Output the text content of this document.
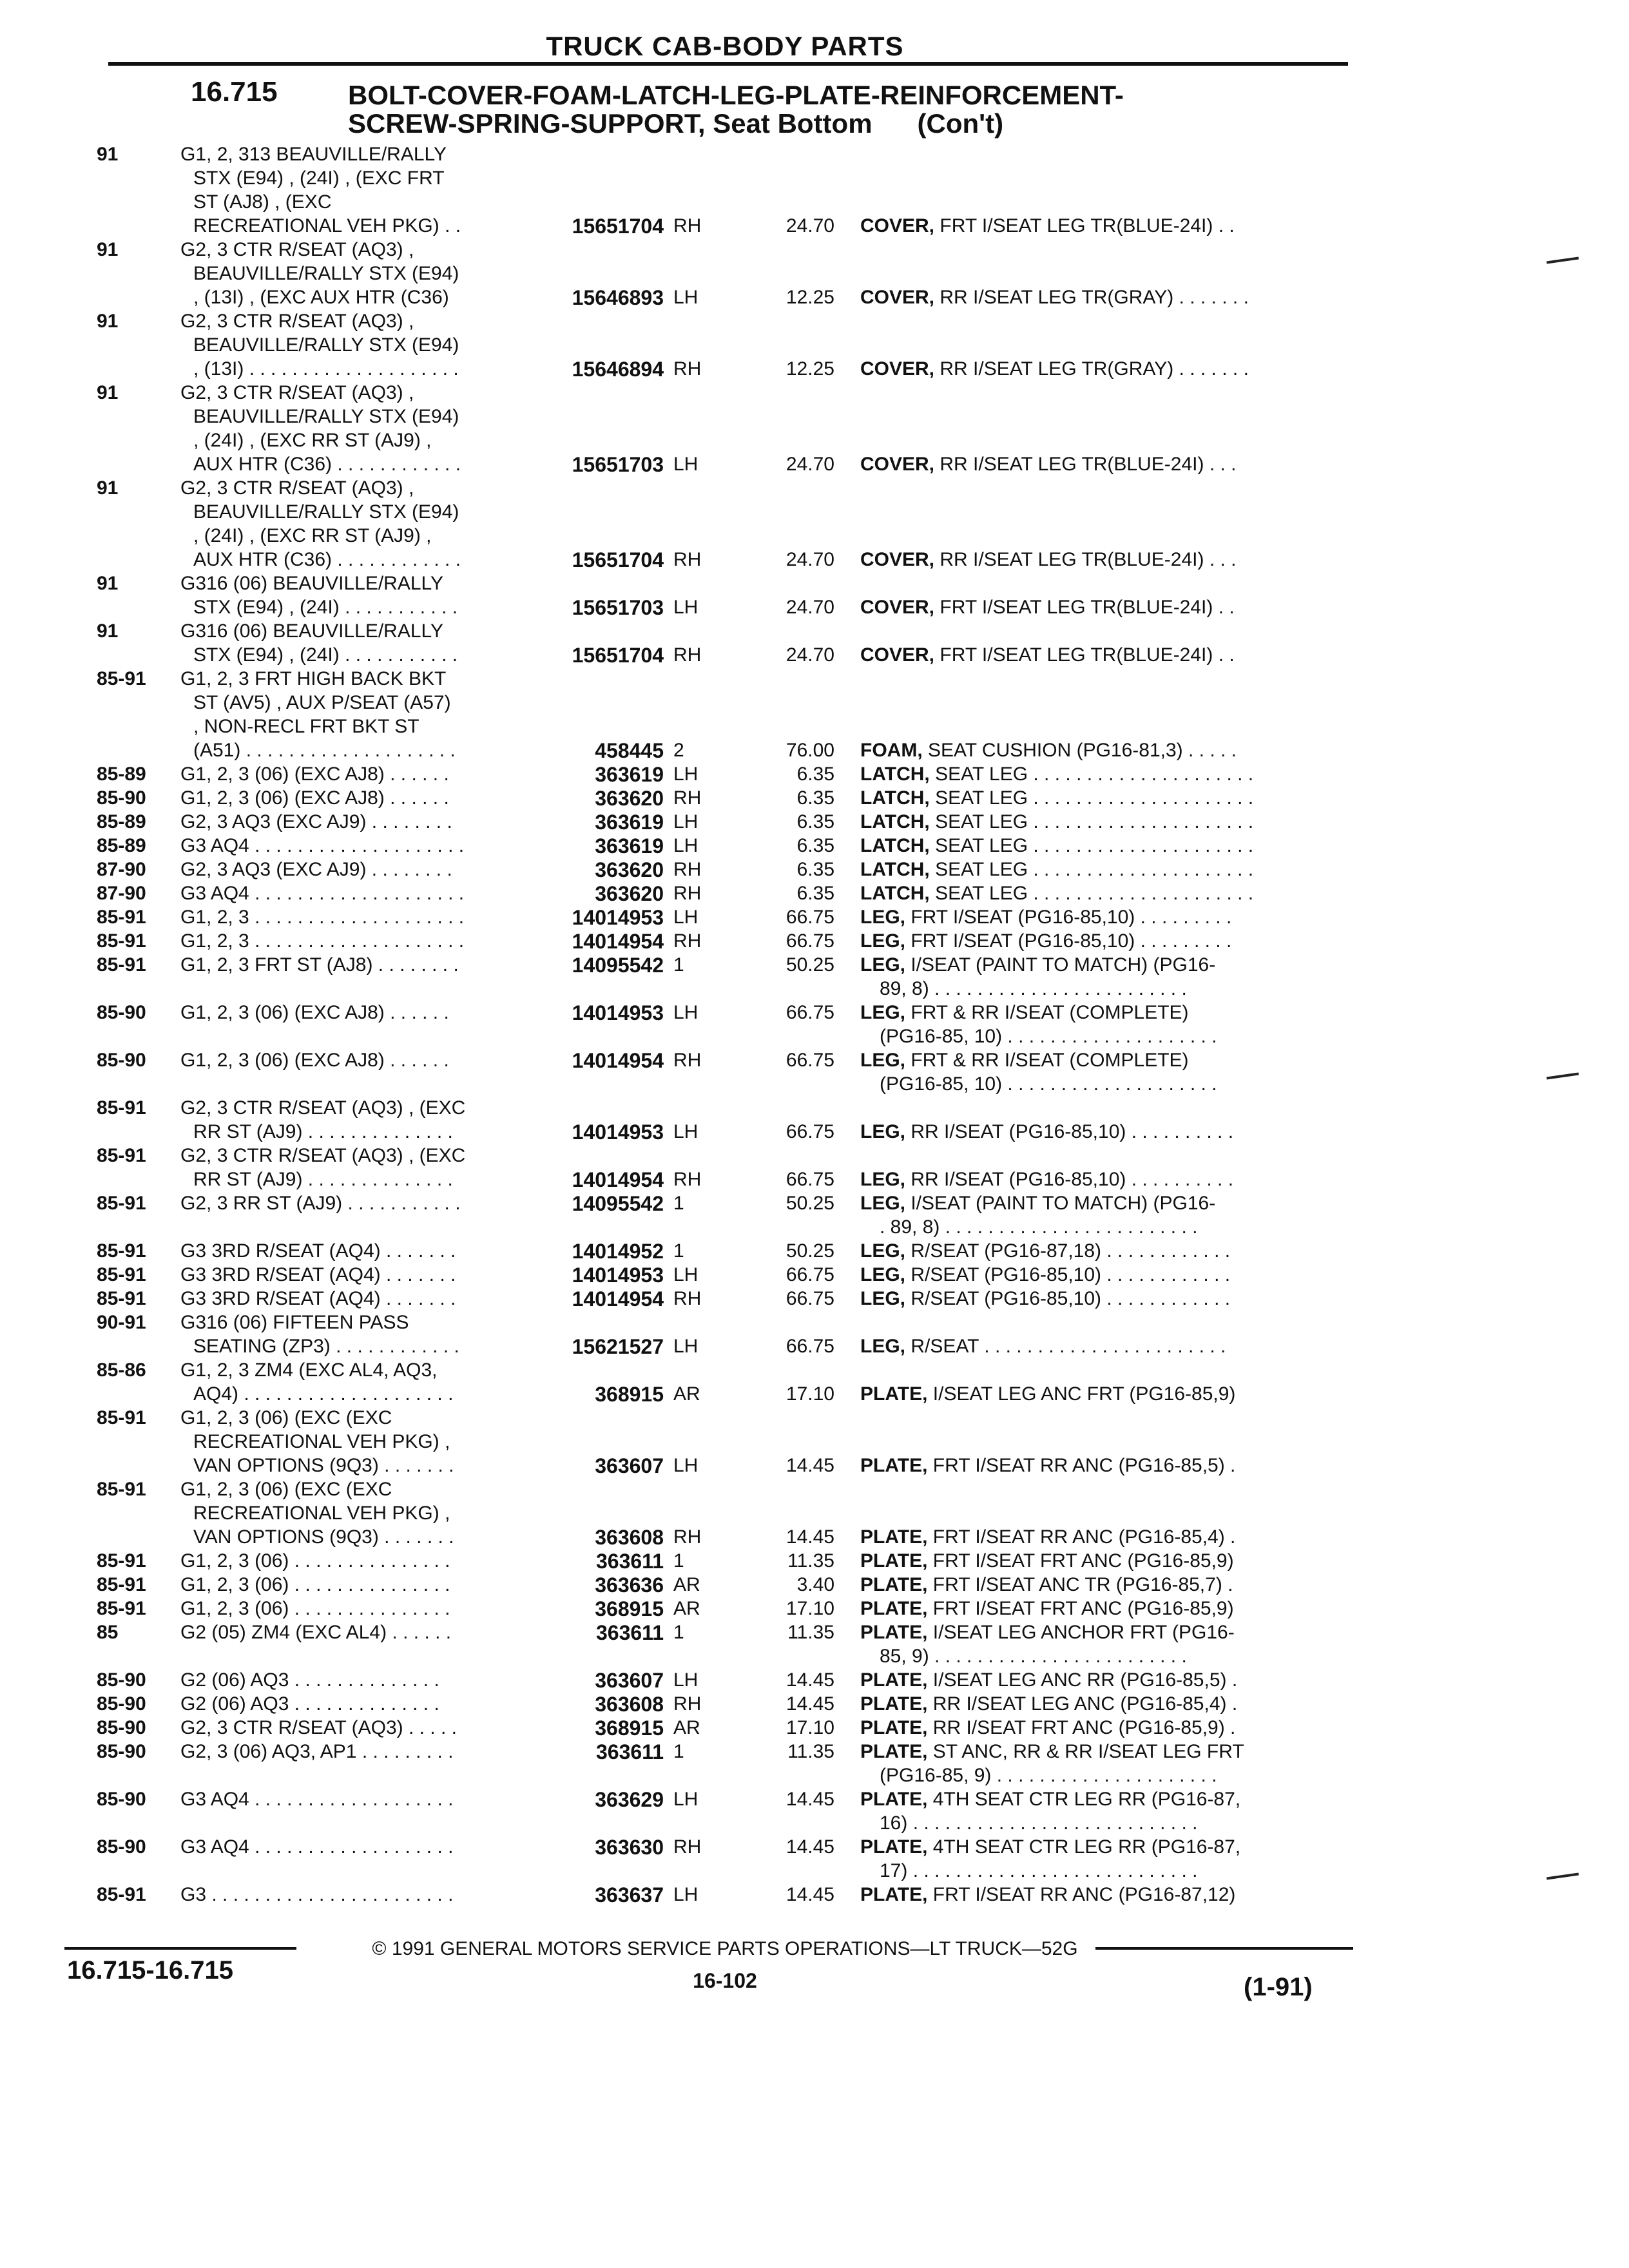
TRUCK CAB-BODY PARTS
16.715	BOLT-COVER-FOAM-LATCH-LEG-PLATE-REINFORCEMENT-
SCREW-SPRING-SUPPORT, Seat Bottom (Con't)
91	G1, 2, 313 BEAUVILLE/RALLY
STX (E94) , (24I) , (EXC FRT
ST (AJ8) , (EXC
RECREATIONAL VEH PKG) . .	15651704 RH	24.70 COVER, FRT I/SEAT LEG TR(BLUE-24I) . .
91	G2, 3 CTR R/SEAT (AQ3) ,
BEAUVILLE/RALLY STX (E94)
, (13I) , (EXC AUX HTR (C36)	15646893 LH	12.25 COVER, RR I/SEAT LEG TR(GRAY) . . . . . . .
91	G2, 3 CTR R/SEAT (AQ3) ,
BEAUVILLE/RALLY STX (E94)
, (13I) . . . . . . . . . . . . . . . . . . . .	15646894 RH	12.25 COVER, RR I/SEAT LEG TR(GRAY) . . . . . . .
91	G2, 3 CTR R/SEAT (AQ3) ,
BEAUVILLE/RALLY STX (E94)
, (24I) , (EXC RR ST (AJ9) ,
AUX HTR (C36) . . . . . . . . . . . .	15651703 LH	24.70 COVER, RR I/SEAT LEG TR(BLUE-24I) . . .
91	G2, 3 CTR R/SEAT (AQ3) ,
BEAUVILLE/RALLY STX (E94)
, (24I) , (EXC RR ST (AJ9) ,
AUX HTR (C36) . . . . . . . . . . . .	15651704 RH	24.70 COVER, RR I/SEAT LEG TR(BLUE-24I) . . .
91	G316 (06) BEAUVILLE/RALLY
STX (E94) , (24I) . . . . . . . . . . .	15651703 LH	24.70 COVER, FRT I/SEAT LEG TR(BLUE-24I) . .
91	G316 (06) BEAUVILLE/RALLY
STX (E94) , (24I) . . . . . . . . . . .	15651704 RH	24.70 COVER, FRT I/SEAT LEG TR(BLUE-24I) . .
85-91	G1, 2, 3 FRT HIGH BACK BKT
ST (AV5) , AUX P/SEAT (A57)
, NON-RECL FRT BKT ST
(A51) . . . . . . . . . . . . . . . . . . . .	458445 2	76.00 FOAM, SEAT CUSHION (PG16-81,3) . . . . .
85-89	G1, 2, 3 (06) (EXC AJ8) . . . . . .	363619 LH	6.35 LATCH, SEAT LEG . . . . . . . . . . . . . . . . . . . . .
85-90	G1, 2, 3 (06) (EXC AJ8) . . . . . .	363620 RH	6.35 LATCH, SEAT LEG . . . . . . . . . . . . . . . . . . . . .
85-89	G2, 3 AQ3 (EXC AJ9) . . . . . . . .	363619 LH	6.35 LATCH, SEAT LEG . . . . . . . . . . . . . . . . . . . . .
85-89	G3 AQ4 . . . . . . . . . . . . . . . . . . . .	363619 LH	6.35 LATCH, SEAT LEG . . . . . . . . . . . . . . . . . . . . .
87-90	G2, 3 AQ3 (EXC AJ9) . . . . . . . .	363620 RH	6.35 LATCH, SEAT LEG . . . . . . . . . . . . . . . . . . . . .
87-90	G3 AQ4 . . . . . . . . . . . . . . . . . . . .	363620 RH	6.35 LATCH, SEAT LEG . . . . . . . . . . . . . . . . . . . . .
85-91	G1, 2, 3 . . . . . . . . . . . . . . . . . . . .	14014953 LH	66.75 LEG, FRT I/SEAT (PG16-85,10) . . . . . . . . .
85-91	G1, 2, 3 . . . . . . . . . . . . . . . . . . . .	14014954 RH	66.75 LEG, FRT I/SEAT (PG16-85,10) . . . . . . . . .
85-91	G1, 2, 3 FRT ST (AJ8) . . . . . . . .	14095542 1	50.25 LEG, I/SEAT (PAINT TO MATCH) (PG16-
89, 8) . . . . . . . . . . . . . . . . . . . . . . . .
85-90	G1, 2, 3 (06) (EXC AJ8) . . . . . .	14014953 LH	66.75 LEG, FRT & RR I/SEAT (COMPLETE)
(PG16-85, 10) . . . . . . . . . . . . . . . . . . . .
85-90	G1, 2, 3 (06) (EXC AJ8) . . . . . .	14014954 RH	66.75 LEG, FRT & RR I/SEAT (COMPLETE)
(PG16-85, 10) . . . . . . . . . . . . . . . . . . . .
85-91	G2, 3 CTR R/SEAT (AQ3) , (EXC
RR ST (AJ9) . . . . . . . . . . . . . .	14014953 LH	66.75 LEG, RR I/SEAT (PG16-85,10) . . . . . . . . . .
85-91	G2, 3 CTR R/SEAT (AQ3) , (EXC
RR ST (AJ9) . . . . . . . . . . . . . .	14014954 RH	66.75 LEG, RR I/SEAT (PG16-85,10) . . . . . . . . . .
85-91	G2, 3 RR ST (AJ9) . . . . . . . . . . .	14095542 1	50.25 LEG, I/SEAT (PAINT TO MATCH) (PG16-
. 89, 8) . . . . . . . . . . . . . . . . . . . . . . . .
85-91	G3 3RD R/SEAT (AQ4) . . . . . . .	14014952 1	50.25 LEG, R/SEAT (PG16-87,18) . . . . . . . . . . . .
85-91	G3 3RD R/SEAT (AQ4) . . . . . . .	14014953 LH	66.75 LEG, R/SEAT (PG16-85,10) . . . . . . . . . . . .
85-91	G3 3RD R/SEAT (AQ4) . . . . . . .	14014954 RH	66.75 LEG, R/SEAT (PG16-85,10) . . . . . . . . . . . .
90-91	G316 (06) FIFTEEN PASS
SEATING (ZP3) . . . . . . . . . . . .	15621527 LH	66.75 LEG, R/SEAT . . . . . . . . . . . . . . . . . . . . . . .
85-86	G1, 2, 3 ZM4 (EXC AL4, AQ3,
AQ4) . . . . . . . . . . . . . . . . . . . .	368915 AR	17.10 PLATE, I/SEAT LEG ANC FRT (PG16-85,9)
85-91	G1, 2, 3 (06) (EXC (EXC
RECREATIONAL VEH PKG) ,
VAN OPTIONS (9Q3) . . . . . . .	363607 LH	14.45 PLATE, FRT I/SEAT RR ANC (PG16-85,5) .
85-91	G1, 2, 3 (06) (EXC (EXC
RECREATIONAL VEH PKG) ,
VAN OPTIONS (9Q3) . . . . . . .	363608 RH	14.45 PLATE, FRT I/SEAT RR ANC (PG16-85,4) .
85-91	G1, 2, 3 (06) . . . . . . . . . . . . . . .	363611 1	11.35 PLATE, FRT I/SEAT FRT ANC (PG16-85,9)
85-91	G1, 2, 3 (06) . . . . . . . . . . . . . . .	363636 AR	3.40 PLATE, FRT I/SEAT ANC TR (PG16-85,7) .
85-91	G1, 2, 3 (06) . . . . . . . . . . . . . . .	368915 AR	17.10 PLATE, FRT I/SEAT FRT ANC (PG16-85,9)
85	G2 (05) ZM4 (EXC AL4) . . . . . .	363611 1	11.35 PLATE, I/SEAT LEG ANCHOR FRT (PG16-
85, 9) . . . . . . . . . . . . . . . . . . . . . . . .
85-90	G2 (06) AQ3 . . . . . . . . . . . . . .	363607 LH	14.45 PLATE, I/SEAT LEG ANC RR (PG16-85,5) .
85-90	G2 (06) AQ3 . . . . . . . . . . . . . .	363608 RH	14.45 PLATE, RR I/SEAT LEG ANC (PG16-85,4) .
85-90	G2, 3 CTR R/SEAT (AQ3) . . . . .	368915 AR	17.10 PLATE, RR I/SEAT FRT ANC (PG16-85,9) .
85-90	G2, 3 (06) AQ3, AP1 . . . . . . . . .	363611 1	11.35 PLATE, ST ANC, RR & RR I/SEAT LEG FRT
(PG16-85, 9) . . . . . . . . . . . . . . . . . . . . .
85-90	G3 AQ4 . . . . . . . . . . . . . . . . . . .	363629 LH	14.45 PLATE, 4TH SEAT CTR LEG RR (PG16-87,
16) . . . . . . . . . . . . . . . . . . . . . . . . . . .
85-90	G3 AQ4 . . . . . . . . . . . . . . . . . . .	363630 RH	14.45 PLATE, 4TH SEAT CTR LEG RR (PG16-87,
17) . . . . . . . . . . . . . . . . . . . . . . . . . . .
85-91	G3 . . . . . . . . . . . . . . . . . . . . . . .	363637 LH	14.45 PLATE, FRT I/SEAT RR ANC (PG16-87,12)
© 1991 GENERAL MOTORS SERVICE PARTS OPERATIONS—LT TRUCK—52G
16.715-16.715	16-102	(1-91)
